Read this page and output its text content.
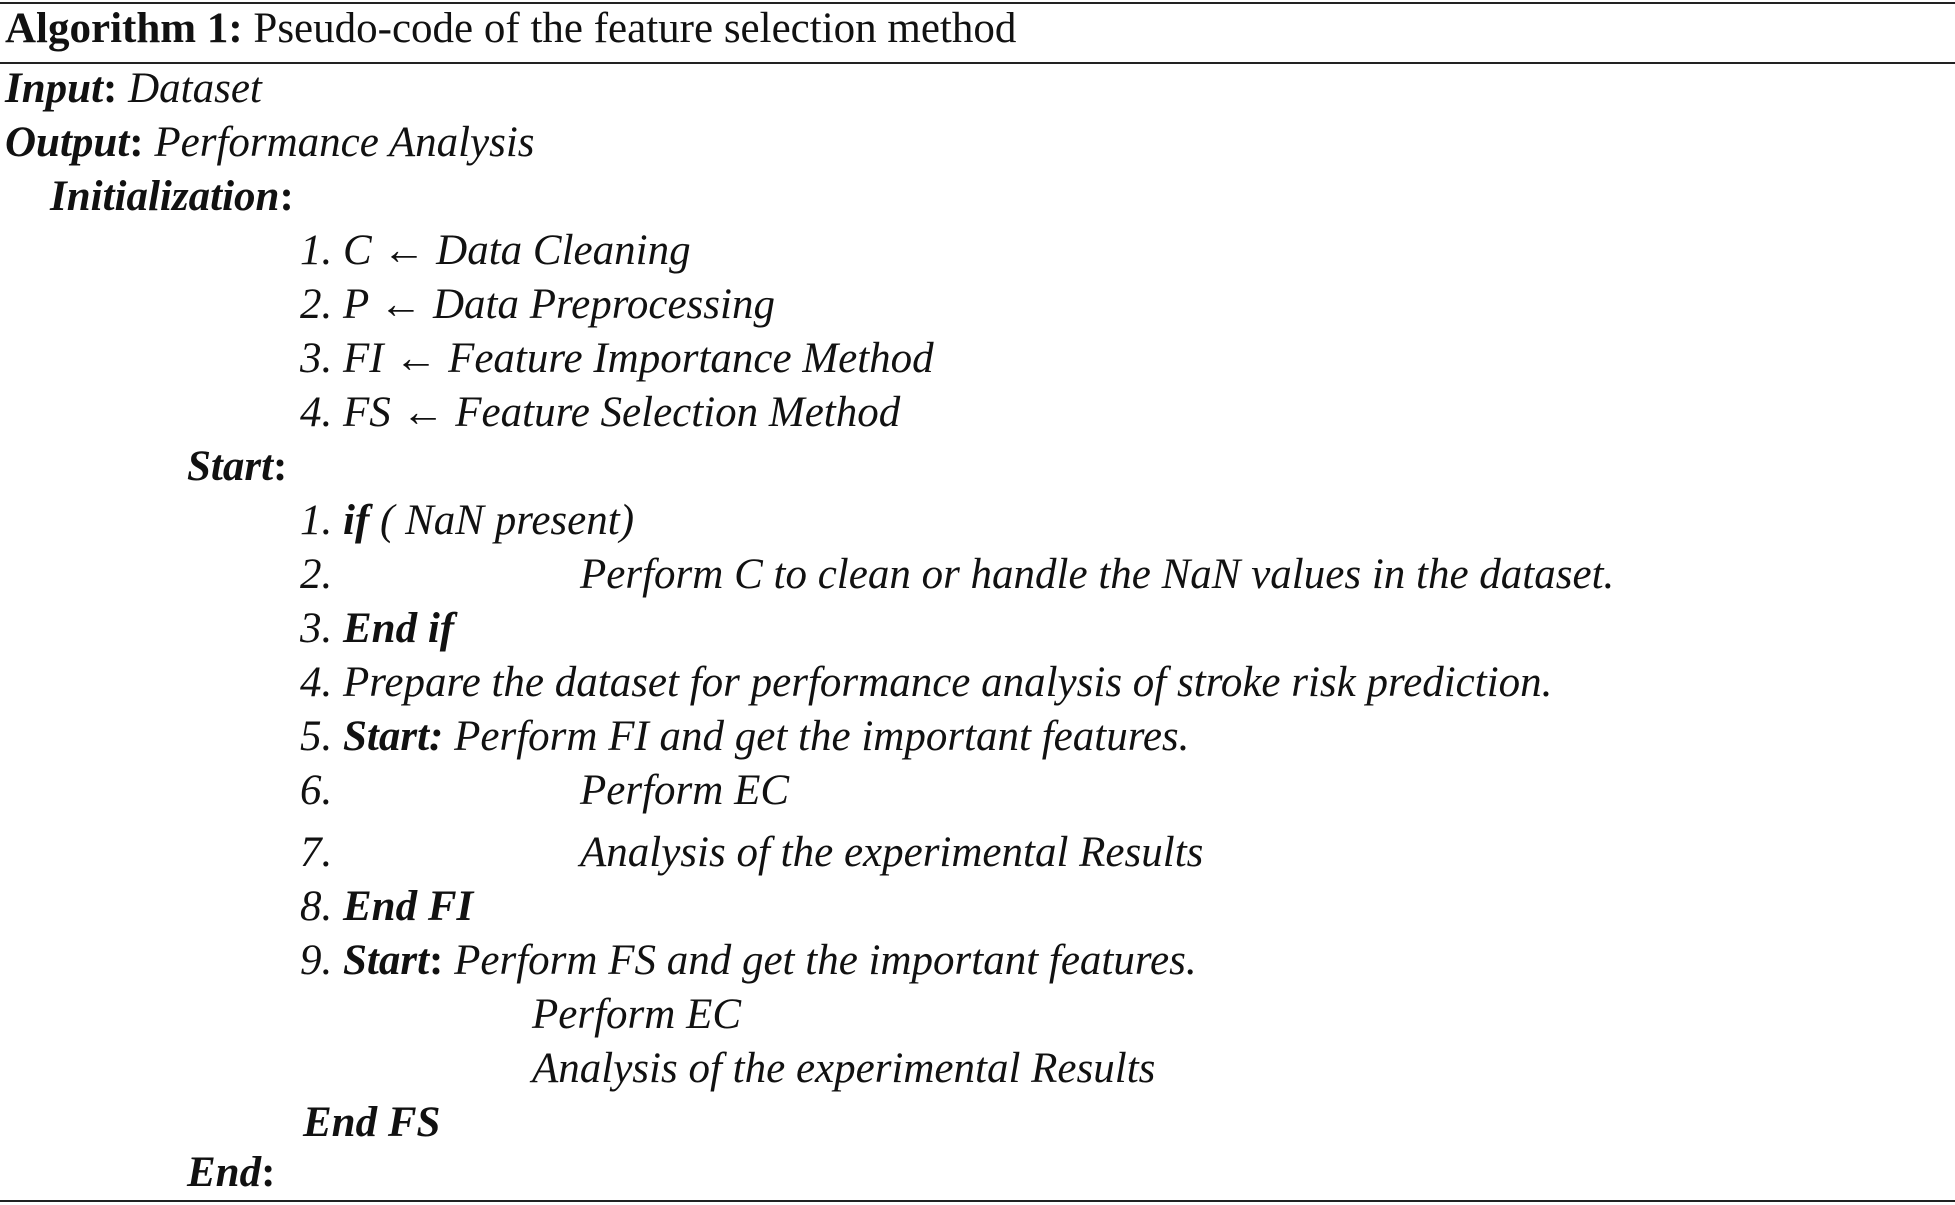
Algorithm 1: Pseudo-code of the feature selection method
Input: Dataset
Output: Performance Analysis
Initialization:
1. C ← Data Cleaning
2. P ← Data Preprocessing
3. FI ← Feature Importance Method
4. FS ← Feature Selection Method
Start:
1. if ( NaN present)
2.	Perform C to clean or handle the NaN values in the dataset.
3. End if
4. Prepare the dataset for performance analysis of stroke risk prediction.
5. Start: Perform FI and get the important features.
6.	Perform EC
7.	Analysis of the experimental Results
8. End FI
9. Start: Perform FS and get the important features.
Perform EC
Analysis of the experimental Results
End FS
End:
